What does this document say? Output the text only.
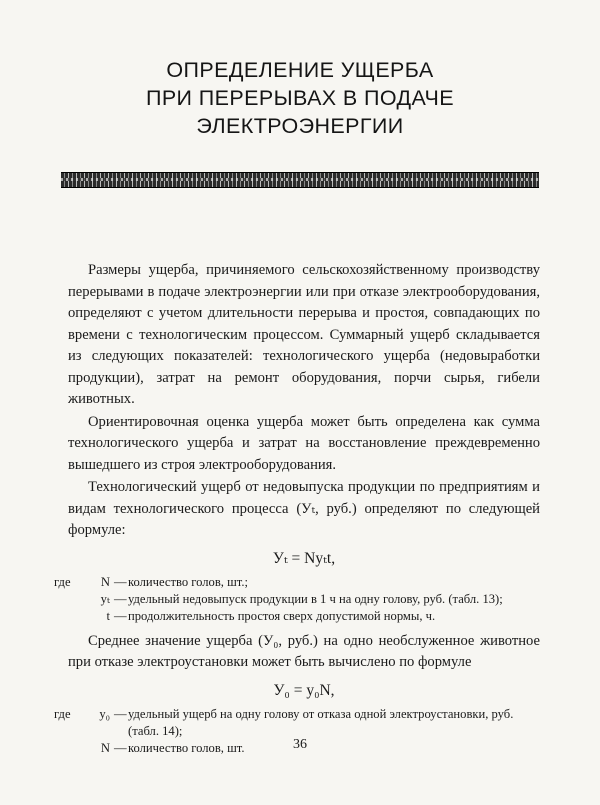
ОПРЕДЕЛЕНИЕ УЩЕРБА
ПРИ ПЕРЕРЫВАХ В ПОДАЧЕ
ЭЛЕКТРОЭНЕРГИИ

Размеры ущерба, причиняемого сельскохозяйственному производству перерывами в подаче электроэнергии или при отказе электрооборудования, определяют с учетом длительности перерыва и простоя, совпадающих по времени с технологическим процессом. Суммарный ущерб складывается из следующих показателей: технологического ущерба (недовыработки продукции), затрат на ремонт оборудования, порчи сырья, гибели животных.

Ориентировочная оценка ущерба может быть определена как сумма технологического ущерба и затрат на восстановление преждевременно вышедшего из строя электрооборудования.

Технологический ущерб от недовыпуска продукции по предприятиям и видам технологического процесса (Уₜ, руб.) определяют по следующей формуле:

Уₜ = Nyₜt,
где	N — количество голов, шт.;
yₜ — удельный недовыпуск продукции в 1 ч на одну голову, руб. (табл. 13);
t — продолжительность простоя сверх допустимой нормы, ч.

Среднее значение ущерба (У₀, руб.) на одно необслуженное животное при отказе электроустановки может быть вычислено по формуле

У₀ = y₀N,
где	y₀ — удельный ущерб на одну голову от отказа одной электроустановки, руб. (табл. 14);
N — количество голов, шт.	36
